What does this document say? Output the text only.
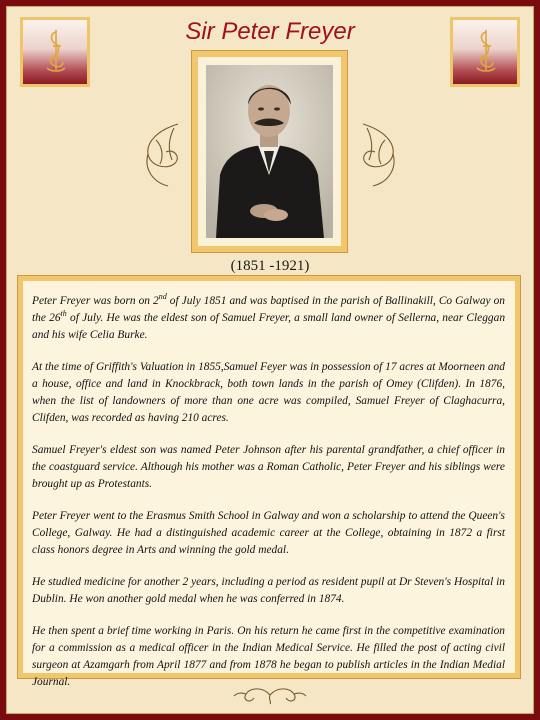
Sir Peter Freyer
(1851 -1921)

Peter Freyer was born on 2nd of July 1851 and was baptised in the parish of Ballinakill, Co Galway on the 26th of July. He was the eldest son of Samuel Freyer, a small land owner of Sellerna, near Cleggan and his wife Celia Burke.

At the time of Griffith's Valuation in 1855,Samuel Feyer was in possession of 17 acres at Moorneen and a house, office and land in Knockbrack, both town lands in the parish of Omey (Clifden). In 1876, when the list of landowners of more than one acre was compiled, Samuel Freyer of Claghacurra, Clifden, was recorded as having 210 acres.

Samuel Freyer's eldest son was named Peter Johnson after his parental grandfather, a chief officer in the coastguard service. Although his mother was a Roman Catholic, Peter Freyer and his siblings were brought up as Protestants.

Peter Freyer went to the Erasmus Smith School in Galway and won a scholarship to attend the Queen's College, Galway. He had a distinguished academic career at the College, obtaining in 1872 a first class honors degree in Arts and winning the gold medal.

He studied medicine for another 2 years, including a period as resident pupil at Dr Steven's Hospital in Dublin. He won another gold medal when he was conferred in 1874.

He then spent a brief time working in Paris. On his return he came first in the competitive examination for a commission as a medical officer in the Indian Medical Service. He filled the post of acting civil surgeon at Azamgarh from April 1877 and from 1878 he began to publish articles in the Indian Medial Journal.
